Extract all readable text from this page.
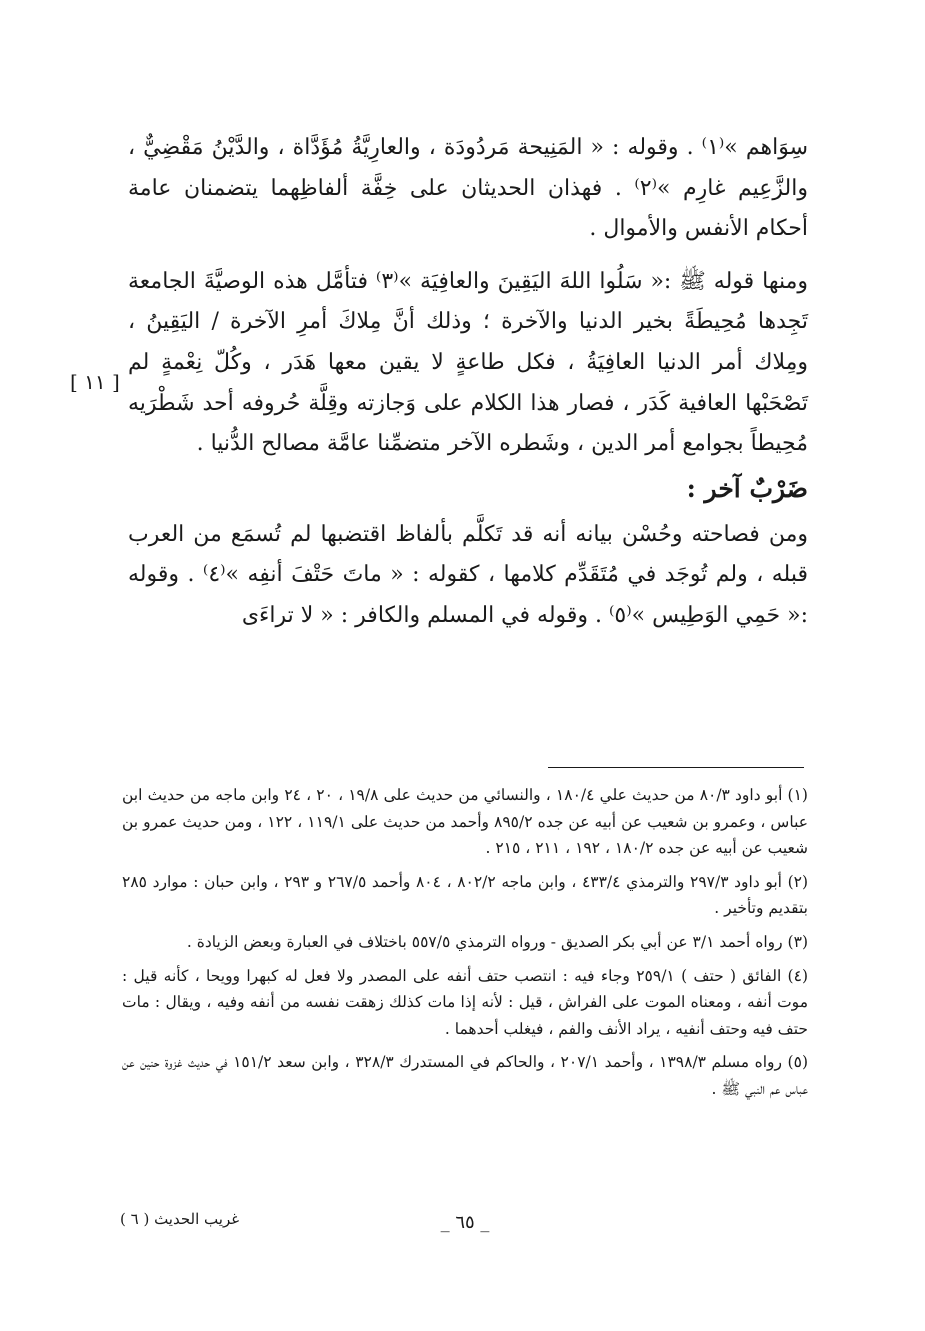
سِوَاهم »⁽١⁾ . وقوله : « المَنِيحة مَردُودَة ، والعارِيَّةُ مُؤَدَّاة ، والدَّيْنُ مَقْضِيٌّ ، والزَّعِيم غارِم »⁽٢⁾ . فهذان الحديثان على خِفَّة ألفاظِهما يتضمنان عامة أحكام الأنفس والأموال .

ومنها قوله ﷺ :« سَلُوا اللهَ اليَقِينَ والعافِيَة »⁽٣⁾ فتأمَّل هذه الوصيَّةَ الجامعة تَجِدها مُحِيطَةً بخير الدنيا والآخرة ؛ وذلك أنَّ مِلاكَ أمرِ الآخرة / اليَقِينُ ، ومِلاك أمر الدنيا العافِيَةُ ، فكل طاعةٍ لا يقين معها هَدَر ، وكُلّ نِعْمةٍ لم تَصْحَبْها العافية كَدَر ، فصار هذا الكلام على وَجازته وقِلَّة حُروفه أحد شَطْرَيه مُحِيطاً بجوامع أمر الدين ، وشَطره الآخر متضمِّنا عامَّة مصالح الدُّنيا .

ضَرْبٌ آخر :

ومن فصاحته وحُسْن بيانه أنه قد تَكلَّم بألفاظ اقتضبها لم تُسمَع من العرب قبله ، ولم تُوجَد في مُتَقَدِّم كلامها ، كقوله : « ماتَ حَتْفَ أنفِه »⁽٤⁾ . وقوله :« حَمِي الوَطِيس »⁽٥⁾ . وقوله في المسلم والكافر : « لا تراءَى

[ ١١ ]

(١) أبو داود ٨٠/٣ من حديث علي ١٨٠/٤ ، والنسائي من حديث على ١٩/٨ ، ٢٠ ، ٢٤ وابن ماجه من حديث ابن عباس ، وعمرو بن شعيب عن أبيه عن جده ٨٩٥/٢ وأحمد من حديث على ١١٩/١ ، ١٢٢ ، ومن حديث عمرو بن شعيب عن أبيه عن جده ١٨٠/٢ ، ١٩٢ ، ٢١١ ، ٢١٥ .

(٢) أبو داود ٢٩٧/٣ والترمذي ٤٣٣/٤ ، وابن ماجه ٨٠٢/٢ ، ٨٠٤ وأحمد ٢٦٧/٥ و ٢٩٣ ، وابن حبان : موارد ٢٨٥ بتقديم وتأخير .

(٣) رواه أحمد ٣/١ عن أبي بكر الصديق - ورواه الترمذي ٥٥٧/٥ باختلاف في العبارة وبعض الزيادة .

(٤) الفائق ( حتف ) ٢٥٩/١ وجاء فيه : انتصب حتف أنفه على المصدر ولا فعل له كبهرا وويحا ، كأنه قيل : موت أنفه ، ومعناه الموت على الفراش ، قيل : لأنه إذا مات كذلك زهقت نفسه من أنفه وفيه ، ويقال : مات حتف فيه وحتف أنفيه ، يراد الأنف والفم ، فيغلب أحدهما .

(٥) رواه مسلم ١٣٩٨/٣ ، وأحمد ٢٠٧/١ ، والحاكم في المستدرك ٣٢٨/٣ ، وابن سعد ١٥١/٢ في حديث غزوة حنين عن عباس عم النبي ﷺ .

غريب الحديث ( ٦ )	_ ٦٥ _
